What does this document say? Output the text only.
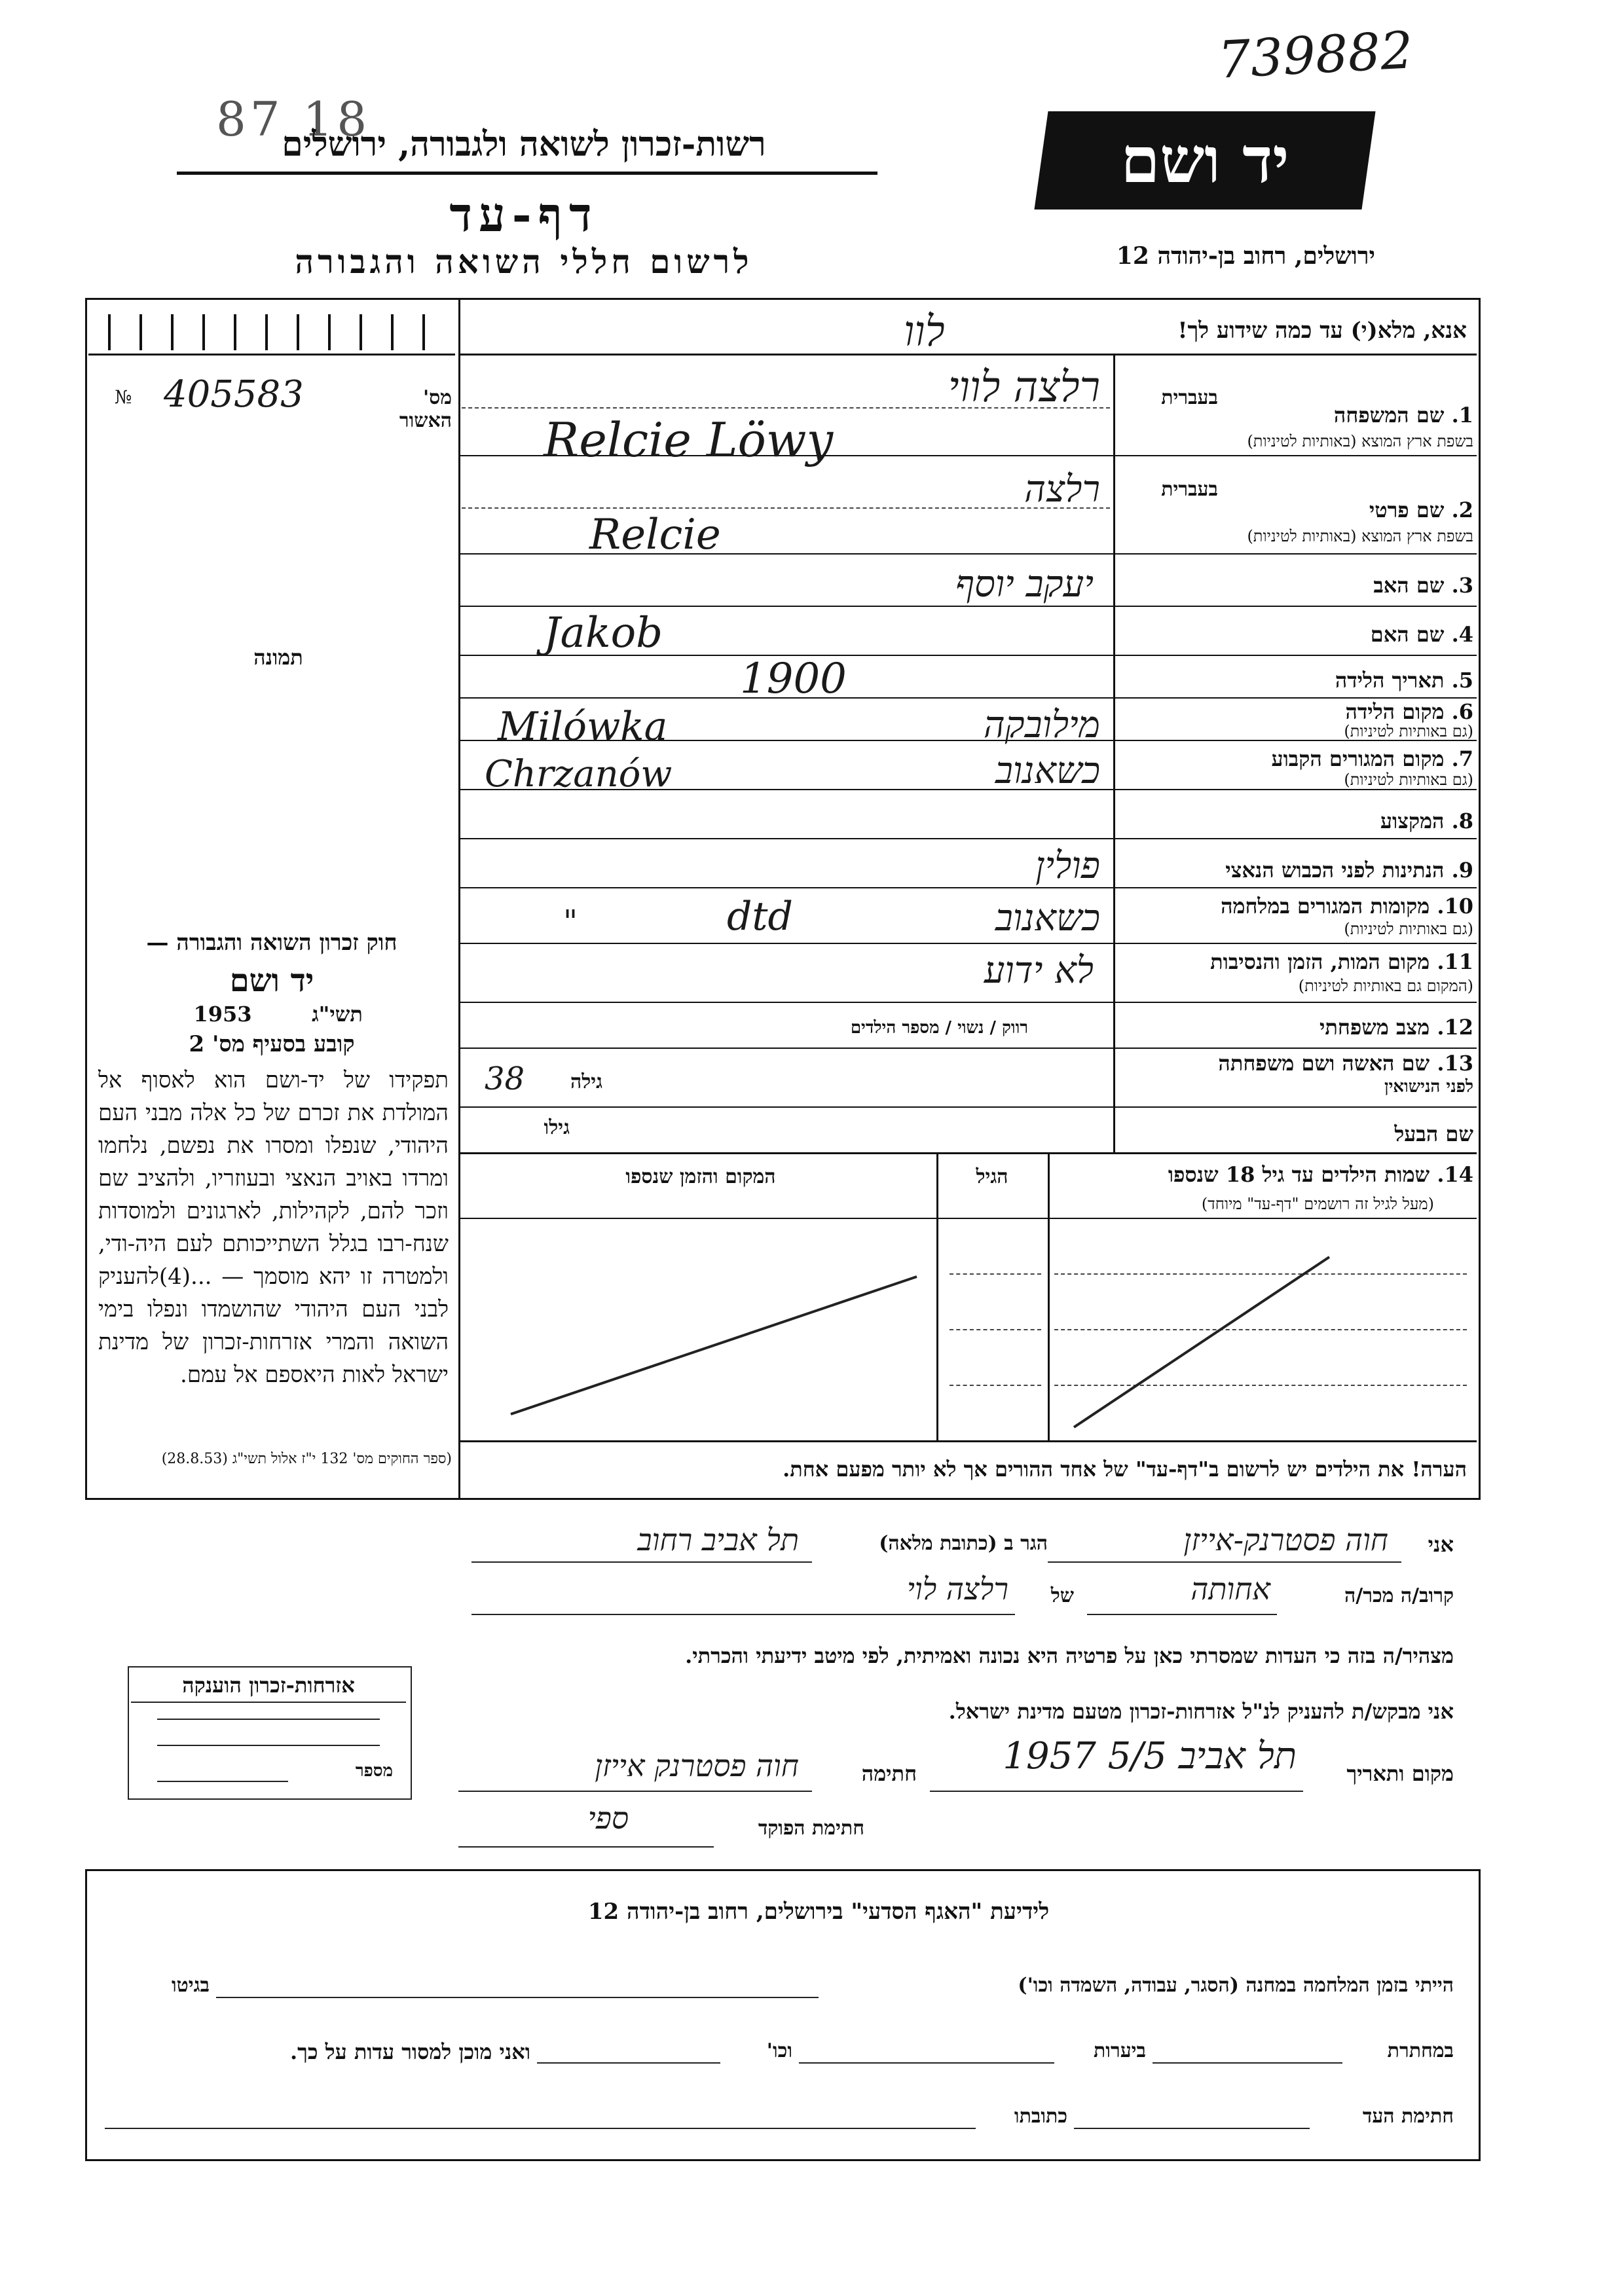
739882
87 18
רשות-זכרון לשואה ולגבורה, ירושלים
דף-עד
לרשום חללי השואה והגבורה
יד ושם
ירושלים, רחוב בן-יהודה 12
אנא, מלא(י) עד כמה שידוע לך!
לוו
מס' האשור
405583
№
תמונה
בעברית
1. שם המשפחה
בשפת ארץ המוצא (באותיות לטיניות)
רלצה לווי
Relcie Löwy
בעברית
2. שם פרטי
בשפת ארץ המוצא (באותיות לטיניות)
רלצה
Relcie
3. שם האב
יעקב יוסף
4. שם האם
Jakob
5. תאריך הלידה
1900
6. מקום הלידה
(גם באותיות לטיניות)
מילובקה
Milówka
7. מקום המגורים הקבוע
(גם באותיות לטיניות)
כשאנוב
Chrzanów
8. המקצוע
9. הנתינות לפני הכבוש הנאצי
פולין
10. מקומות המגורים במלחמה
(גם באותיות לטיניות)
"	dtd	כשאנוב
11. מקום המות, הזמן והנסיבות
(המקום גם באותיות לטיניות)
לא ידוע
12. מצב משפחתי
רווק / נשוי / מספר הילדים
13. שם האשה ושם משפחתה
לפני הנישואין
גילה
38
שם הבעל
גילו
14. שמות הילדים עד גיל 18 שנספו
(מעל לגיל זה רושמים "דף-עד" מיוחד)
הגיל
המקום והזמן שנספו
הערה! את הילדים יש לרשום ב"דף-עד" של אחד ההורים אך לא יותר מפעם אחת.
חוק זכרון השואה והגבורה —
יד ושם
תשי"ג
1953
קובע בסעיף מס' 2
תפקידו של יד-ושם הוא לאסוף אל המולדת את זכרם של כל אלה מבני העם היהודי, שנפלו ומסרו את נפשם, נלחמו ומרדו באויב הנאצי ובעוזריו, ולהציב שם וזכר להם, לקהילות, לארגונים ולמוסדות שנח-רבו בגלל השתייכותם לעם היה-ודי, ולמטרה זו יהא מוסמך — ...(4)להעניק לבני העם היהודי שהושמדו ונפלו בימי השואה והמרי אזרחות-זכרון של מדינת ישראל לאות היאספם אל עמם.
(ספר החוקים מס' 132 י"ז אלול תשי"ג (28.8.53)
אני
חוה פסטרנק-אייזן
הגר ב (כתובת מלאה)
תל אביב רחוב
קרוב/ה מכר/ה
אחותה
של
רלצה לוי
מצהיר/ה בזה כי העדות שמסרתי כאן על פרטיה היא נכונה ואמיתית, לפי מיטב ידיעתי והכרתי.
אני מבקש/ת להעניק לנ"ל אזרחות-זכרון מטעם מדינת ישראל.
מקום ותאריך
תל אביב 5/5 1957
חתימה
חוה פסטרנק אייזן
חתימת הפוקד
ספי
אזרחות-זכרון הוענקה
מספר
לידיעת "האגף הסדעי" בירושלים, רחוב בן-יהודה 12
הייתי בזמן המלחמה במחנה (הסגר, עבודה, השמדה וכו')
בגיטו
במחתרת
ביערות
וכו'
ואני מוכן למסור עדות על כך.
חתימת העד
כתובתו
